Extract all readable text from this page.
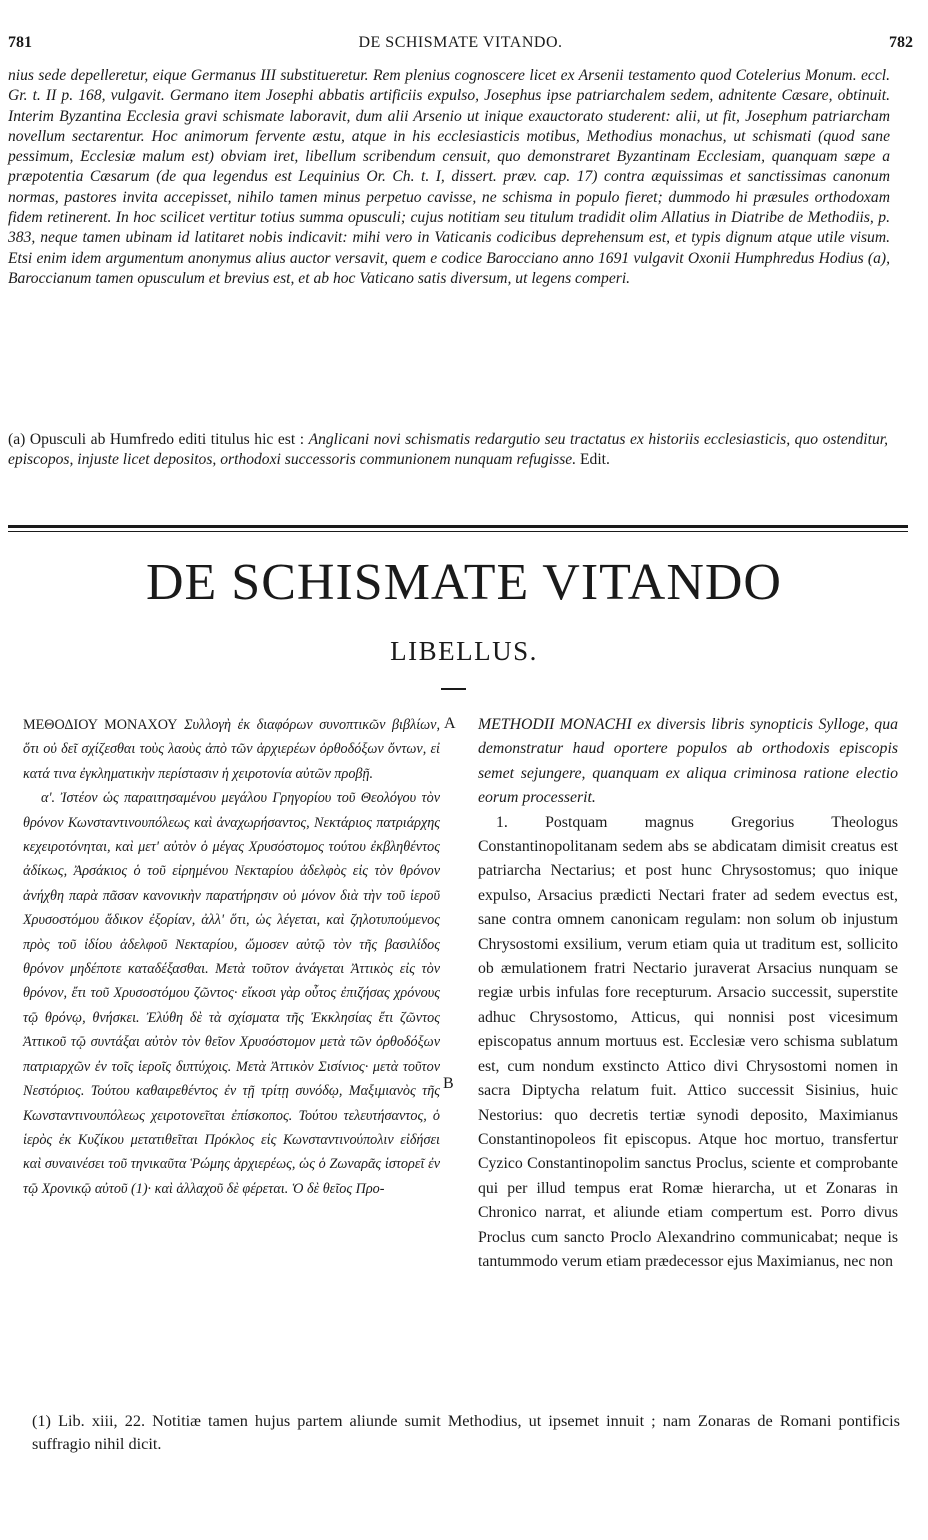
781	DE SCHISMATE VITANDO.	782

nius sede depelleretur, eique Germanus III substitueretur. Rem plenius cognoscere licet ex Arsenii testamento quod Cotelerius Monum. eccl. Gr. t. II p. 168, vulgavit. Germano item Josephi abbatis artificiis expulso, Josephus ipse patriarchalem sedem, adnitente Cæsare, obtinuit. Interim Byzantina Ecclesia gravi schismate laboravit, dum alii Arsenio ut inique exauctorato studerent: alii, ut fit, Josephum patriarcham novellum sectarentur. Hoc animorum fervente æstu, atque in his ecclesiasticis motibus, Methodius monachus, ut schismati (quod sane pessimum, Ecclesiæ malum est) obviam iret, libellum scribendum censuit, quo demonstraret Byzantinam Ecclesiam, quanquam sæpe a præpotentia Cæsarum (de qua legendus est Lequinius Or. Ch. t. I, dissert. præv. cap. 17) contra æquissimas et sanctissimas canonum normas, pastores invita accepisset, nihilo tamen minus perpetuo cavisse, ne schisma in populo fieret; dummodo hi præsules orthodoxam fidem retinerent. In hoc scilicet vertitur totius summa opusculi; cujus notitiam seu titulum tradidit olim Allatius in Diatribe de Methodiis, p. 383, neque tamen ubinam id latitaret nobis indicavit: mihi vero in Vaticanis codicibus deprehensum est, et typis dignum atque utile visum. Etsi enim idem argumentum anonymus alius auctor versavit, quem e codice Barocciano anno 1691 vulgavit Oxonii Humphredus Hodius (a), Baroccianum tamen opusculum et brevius est, et ab hoc Vaticano satis diversum, ut legens comperi.

(a) Opusculi ab Humfredo editi titulus hic est : Anglicani novi schismatis redargutio seu tractatus ex historiis ecclesiasticis, quo ostenditur, episcopos, injuste licet depositos, orthodoxi successoris communionem nunquam refugisse. Edit.

DE SCHISMATE VITANDO
LIBELLUS.
A
B

ΜΕΘΟΔΙΟΥ ΜΟΝΑΧΟΥ Συλλογὴ ἐκ διαφόρων συνοπτικῶν βιβλίων, ὅτι οὐ δεῖ σχίζεσθαι τοὺς λαοὺς ἀπὸ τῶν ἀρχιερέων ὀρθοδόξων ὄντων, εἰ κατά τινα ἐγκληματικὴν περίστασιν ἡ χειροτονία αὐτῶν προβῇ.

α'. Ἰστέον ὡς παραιτησαμένου μεγάλου Γρηγορίου τοῦ Θεολόγου τὸν θρόνον Κωνσταντινουπόλεως καὶ ἀναχωρήσαντος, Νεκτάριος πατριάρχης κεχειροτόνηται, καὶ μετ' αὐτὸν ὁ μέγας Χρυσόστομος τούτου ἐκβληθέντος ἀδίκως, Ἀρσάκιος ὁ τοῦ εἰρημένου Νεκταρίου ἀδελφὸς εἰς τὸν θρόνον ἀνήχθη παρὰ πᾶσαν κανονικὴν παρατήρησιν οὐ μόνον διὰ τὴν τοῦ ἱεροῦ Χρυσοστόμου ἄδικον ἐξορίαν, ἀλλ' ὅτι, ὡς λέγεται, καὶ ζηλοτυπούμενος πρὸς τοῦ ἰδίου ἀδελφοῦ Νεκταρίου, ὤμοσεν αὐτῷ τὸν τῆς βασιλίδος θρόνον μηδέποτε καταδέξασθαι. Μετὰ τοῦτον ἀνάγεται Ἀττικὸς εἰς τὸν θρόνον, ἔτι τοῦ Χρυσοστόμου ζῶντος· εἴκοσι γὰρ οὗτος ἐπιζήσας χρόνους τῷ θρόνῳ, θνήσκει. Ἐλύθη δὲ τὰ σχίσματα τῆς Ἐκκλησίας ἔτι ζῶντος Ἀττικοῦ τῷ συντάξαι αὐτὸν τὸν θεῖον Χρυσόστομον μετὰ τῶν ὀρθοδόξων πατριαρχῶν ἐν τοῖς ἱεροῖς διπτύχοις. Μετὰ Ἀττικὸν Σισίνιος· μετὰ τοῦτον Νεστόριος. Τούτου καθαιρεθέντος ἐν τῇ τρίτῃ συνόδῳ, Μαξιμιανὸς τῆς Κωνσταντινουπόλεως χειροτονεῖται ἐπίσκοπος. Τούτου τελευτήσαντος, ὁ ἱερὸς ἐκ Κυζίκου μετατιθεῖται Πρόκλος εἰς Κωνσταντινούπολιν εἰδήσει καὶ συναινέσει τοῦ τηνικαῦτα Ῥώμης ἀρχιερέως, ὡς ὁ Ζωναρᾶς ἱστορεῖ ἐν τῷ Χρονικῷ αὐτοῦ (1)· καὶ ἀλλαχοῦ δὲ φέρεται. Ὁ δὲ θεῖος Προ-

METHODII MONACHI ex diversis libris synopticis Sylloge, qua demonstratur haud oportere populos ab orthodoxis episcopis semet sejungere, quanquam ex aliqua criminosa ratione electio eorum processerit.

1. Postquam magnus Gregorius Theologus Constantinopolitanam sedem abs se abdicatam dimisit creatus est patriarcha Nectarius; et post hunc Chrysostomus; quo inique expulso, Arsacius prædicti Nectari frater ad sedem evectus est, sane contra omnem canonicam regulam: non solum ob injustum Chrysostomi exsilium, verum etiam quia ut traditum est, sollicito ob æmulationem fratri Nectario juraverat Arsacius nunquam se regiæ urbis infulas fore recepturum. Arsacio successit, superstite adhuc Chrysostomo, Atticus, qui nonnisi post vicesimum episcopatus annum mortuus est. Ecclesiæ vero schisma sublatum est, cum nondum exstincto Attico divi Chrysostomi nomen in sacra Diptycha relatum fuit. Attico successit Sisinius, huic Nestorius: quo decretis tertiæ synodi deposito, Maximianus Constantinopoleos fit episcopus. Atque hoc mortuo, transfertur Cyzico Constantinopolim sanctus Proclus, sciente et comprobante qui per illud tempus erat Romæ hierarcha, ut et Zonaras in Chronico narrat, et aliunde etiam compertum est. Porro divus Proclus cum sancto Proclo Alexandrino communicabat; neque is tantummodo verum etiam prædecessor ejus Maximianus, nec non

(1) Lib. xiii, 22. Notitiæ tamen hujus partem aliunde sumit Methodius, ut ipsemet innuit ; nam Zonaras de Romani pontificis suffragio nihil dicit.
